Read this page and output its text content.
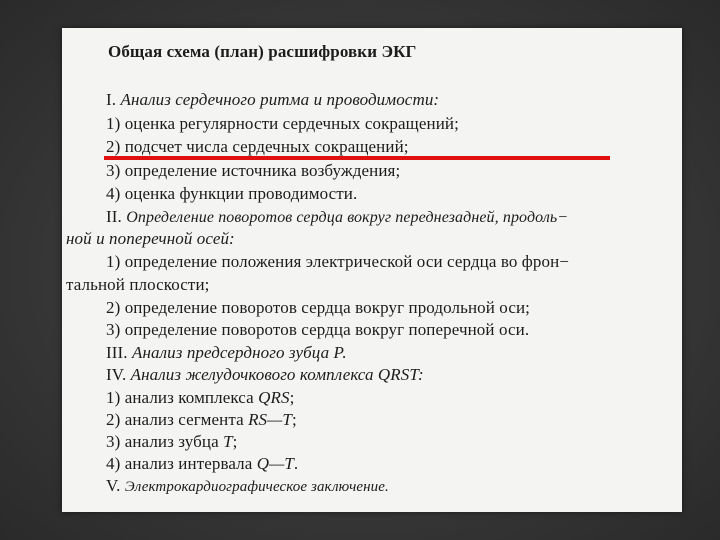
Общая схема (план) расшифровки ЭКГ
I. Анализ сердечного ритма и проводимости:
1) оценка регулярности сердечных сокращений;
2) подсчет числа сердечных сокращений;
3) определение источника возбуждения;
4) оценка функции проводимости.
II. Определение поворотов сердца вокруг переднезадней, продоль−
ной и поперечной осей:
1) определение положения электрической оси сердца во фрон−
тальной плоскости;
2) определение поворотов сердца вокруг продольной оси;
3) определение поворотов сердца вокруг поперечной оси.
III. Анализ предсердного зубца Р.
IV. Анализ желудочкового комплекса QRST:
1) анализ комплекса QRS;
2) анализ сегмента RS—T;
3) анализ зубца T;
4) анализ интервала Q—T.
V. Электрокардиографическое заключение.
